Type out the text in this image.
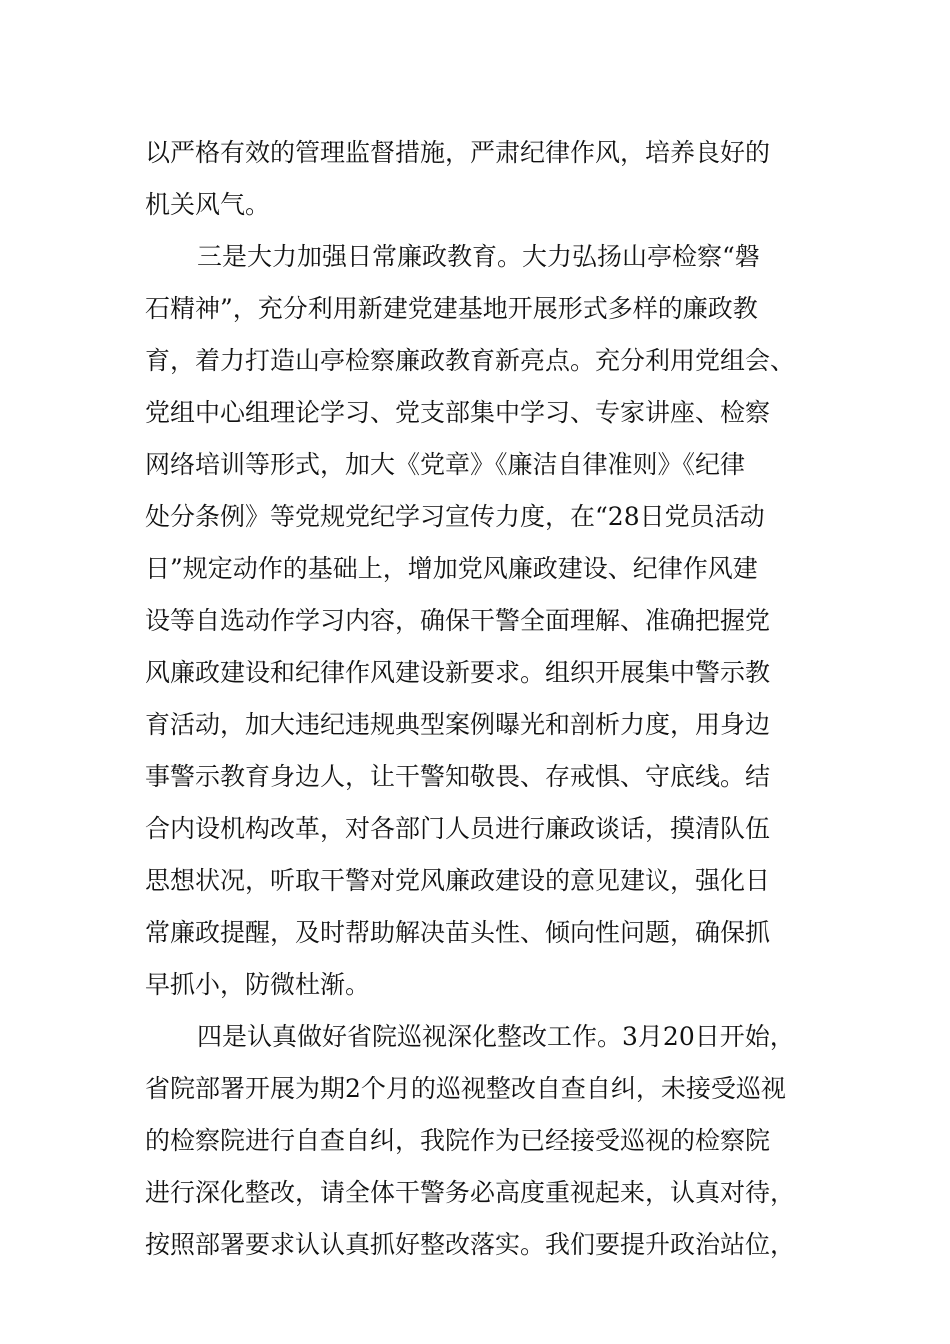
以严格有效的管理监督措施，严肃纪律作风，培养良好的
机关风气。
三是大力加强日常廉政教育。大力弘扬山亭检察“磐
石精神”，充分利用新建党建基地开展形式多样的廉政教
育，着力打造山亭检察廉政教育新亮点。充分利用党组会、
党组中心组理论学习、党支部集中学习、专家讲座、检察
网络培训等形式，加大《党章》《廉洁自律准则》《纪律
处分条例》等党规党纪学习宣传力度，在“28日党员活动
日”规定动作的基础上，增加党风廉政建设、纪律作风建
设等自选动作学习内容，确保干警全面理解、准确把握党
风廉政建设和纪律作风建设新要求。组织开展集中警示教
育活动，加大违纪违规典型案例曝光和剖析力度，用身边
事警示教育身边人，让干警知敬畏、存戒惧、守底线。结
合内设机构改革，对各部门人员进行廉政谈话，摸清队伍
思想状况，听取干警对党风廉政建设的意见建议，强化日
常廉政提醒，及时帮助解决苗头性、倾向性问题，确保抓
早抓小，防微杜渐。
四是认真做好省院巡视深化整改工作。3月20日开始，
省院部署开展为期2个月的巡视整改自查自纠，未接受巡视
的检察院进行自查自纠，我院作为已经接受巡视的检察院
进行深化整改，请全体干警务必高度重视起来，认真对待，
按照部署要求认认真抓好整改落实。我们要提升政治站位，
